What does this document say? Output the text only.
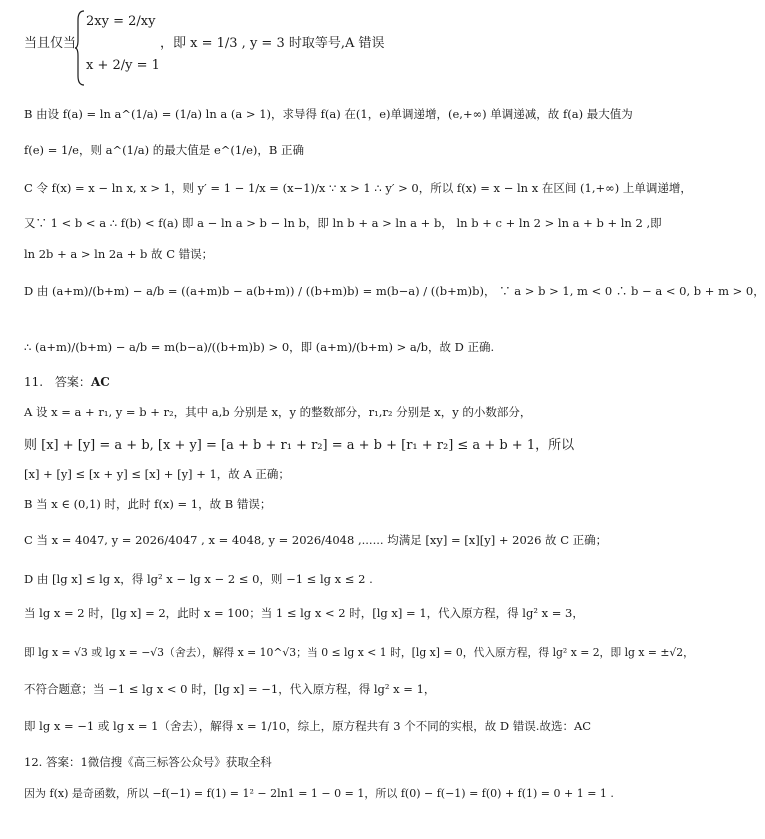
当且仅当
2xy = 2/xy
x + 2/y = 1
，即 x = 1/3 , y = 3 时取等号,A 错误
B 由设 f(a) = ln a^(1/a) = (1/a) ln a (a > 1)，求导得 f(a) 在(1，e)单调递增，(e,+∞) 单调递减，故 f(a) 最大值为
f(e) = 1/e，则 a^(1/a) 的最大值是 e^(1/e)，B 正确
C 令 f(x) = x − ln x, x > 1，则 y′ = 1 − 1/x = (x−1)/x ∵ x > 1 ∴ y′ > 0，所以 f(x) = x − ln x 在区间 (1,+∞) 上单调递增，
又∵ 1 < b < a ∴ f(b) < f(a) 即 a − ln a > b − ln b，即 ln b + a > ln a + b， ln b + c + ln 2 > ln a + b + ln 2 ,即
ln 2b + a > ln 2a + b 故 C 错误；
D 由 (a+m)/(b+m) − a/b = ((a+m)b − a(b+m)) / ((b+m)b) = m(b−a) / ((b+m)b)， ∵ a > b > 1, m < 0 ∴ b − a < 0, b + m > 0，
∴ (a+m)/(b+m) − a/b = m(b−a)/((b+m)b) > 0，即 (a+m)/(b+m) > a/b，故 D 正确.
11. 答案：AC
A 设 x = a + r₁, y = b + r₂，其中 a,b 分别是 x，y 的整数部分，r₁,r₂ 分别是 x，y 的小数部分，
则 [x] + [y] = a + b, [x + y] = [a + b + r₁ + r₂] = a + b + [r₁ + r₂] ≤ a + b + 1，所以
[x] + [y] ≤ [x + y] ≤ [x] + [y] + 1，故 A 正确；
B 当 x ∈ (0,1) 时，此时 f(x) = 1，故 B 错误；
C 当 x = 4047, y = 2026/4047 , x = 4048, y = 2026/4048 ,...... 均满足 [xy] = [x][y] + 2026 故 C 正确；
D 由 [lg x] ≤ lg x，得 lg² x − lg x − 2 ≤ 0，则 −1 ≤ lg x ≤ 2 .
当 lg x = 2 时，[lg x] = 2，此时 x = 100；当 1 ≤ lg x < 2 时，[lg x] = 1，代入原方程，得 lg² x = 3，
即 lg x = √3 或 lg x = −√3（舍去），解得 x = 10^√3；当 0 ≤ lg x < 1 时，[lg x] = 0，代入原方程，得 lg² x = 2，即 lg x = ±√2，
不符合题意；当 −1 ≤ lg x < 0 时，[lg x] = −1，代入原方程，得 lg² x = 1，
即 lg x = −1 或 lg x = 1（舍去），解得 x = 1/10，综上，原方程共有 3 个不同的实根，故 D 错误.故选：AC
12. 答案：1微信搜《高三标答公众号》获取全科
因为 f(x) 是奇函数，所以 −f(−1) = f(1) = 1² − 2ln1 = 1 − 0 = 1，所以 f(0) − f(−1) = f(0) + f(1) = 0 + 1 = 1 .
